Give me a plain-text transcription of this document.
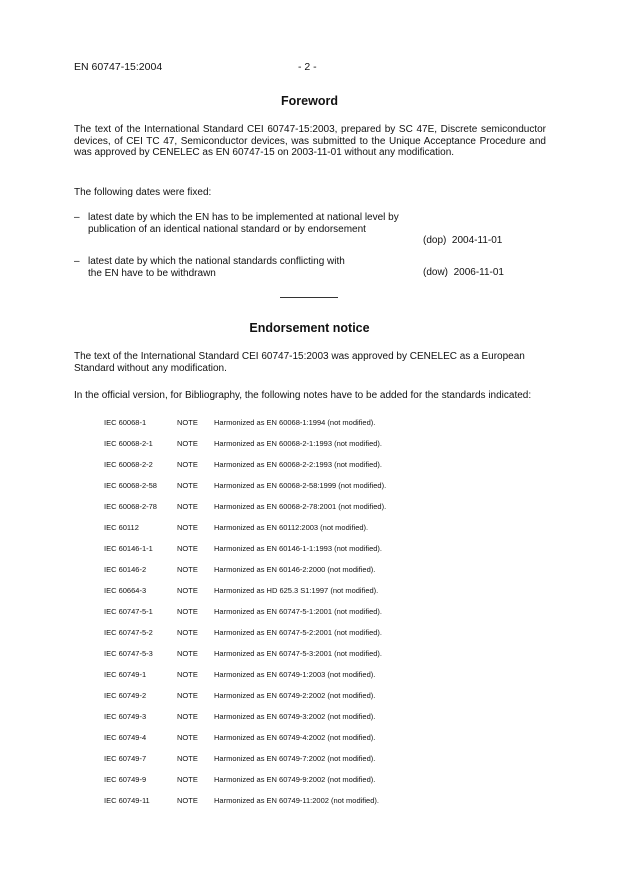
EN 60747-15:2004	- 2 -
Foreword
The text of the International Standard CEI 60747-15:2003, prepared by SC 47E, Discrete semiconductor devices, of CEI TC 47, Semiconductor devices, was submitted to the Unique Acceptance Procedure and was approved by CENELEC as EN 60747-15 on 2003-11-01 without any modification.
The following dates were fixed:
– latest date by which the EN has to be implemented at national level by publication of an identical national standard or by endorsement
(dop) 2004-11-01
– latest date by which the national standards conflicting with the EN have to be withdrawn	(dow) 2006-11-01
Endorsement notice
The text of the International Standard CEI 60747-15:2003 was approved by CENELEC as a European Standard without any modification.
In the official version, for Bibliography, the following notes have to be added for the standards indicated:
IEC 60068-1	NOTE Harmonized as EN 60068-1:1994 (not modified).
IEC 60068-2-1	NOTE Harmonized as EN 60068-2-1:1993 (not modified).
IEC 60068-2-2	NOTE Harmonized as EN 60068-2-2:1993 (not modified).
IEC 60068-2-58	NOTE Harmonized as EN 60068-2-58:1999 (not modified).
IEC 60068-2-78	NOTE Harmonized as EN 60068-2-78:2001 (not modified).
IEC 60112	NOTE Harmonized as EN 60112:2003 (not modified).
IEC 60146-1-1	NOTE Harmonized as EN 60146-1-1:1993 (not modified).
IEC 60146-2	NOTE Harmonized as EN 60146-2:2000 (not modified).
IEC 60664-3	NOTE Harmonized as HD 625.3 S1:1997 (not modified).
IEC 60747-5-1	NOTE Harmonized as EN 60747-5-1:2001 (not modified).
IEC 60747-5-2	NOTE Harmonized as EN 60747-5-2:2001 (not modified).
IEC 60747-5-3	NOTE Harmonized as EN 60747-5-3:2001 (not modified).
IEC 60749-1	NOTE Harmonized as EN 60749-1:2003 (not modified).
IEC 60749-2	NOTE Harmonized as EN 60749-2:2002 (not modified).
IEC 60749-3	NOTE Harmonized as EN 60749-3:2002 (not modified).
IEC 60749-4	NOTE Harmonized as EN 60749-4:2002 (not modified).
IEC 60749-7	NOTE Harmonized as EN 60749-7:2002 (not modified).
IEC 60749-9	NOTE Harmonized as EN 60749-9:2002 (not modified).
IEC 60749-11	NOTE Harmonized as EN 60749-11:2002 (not modified).
